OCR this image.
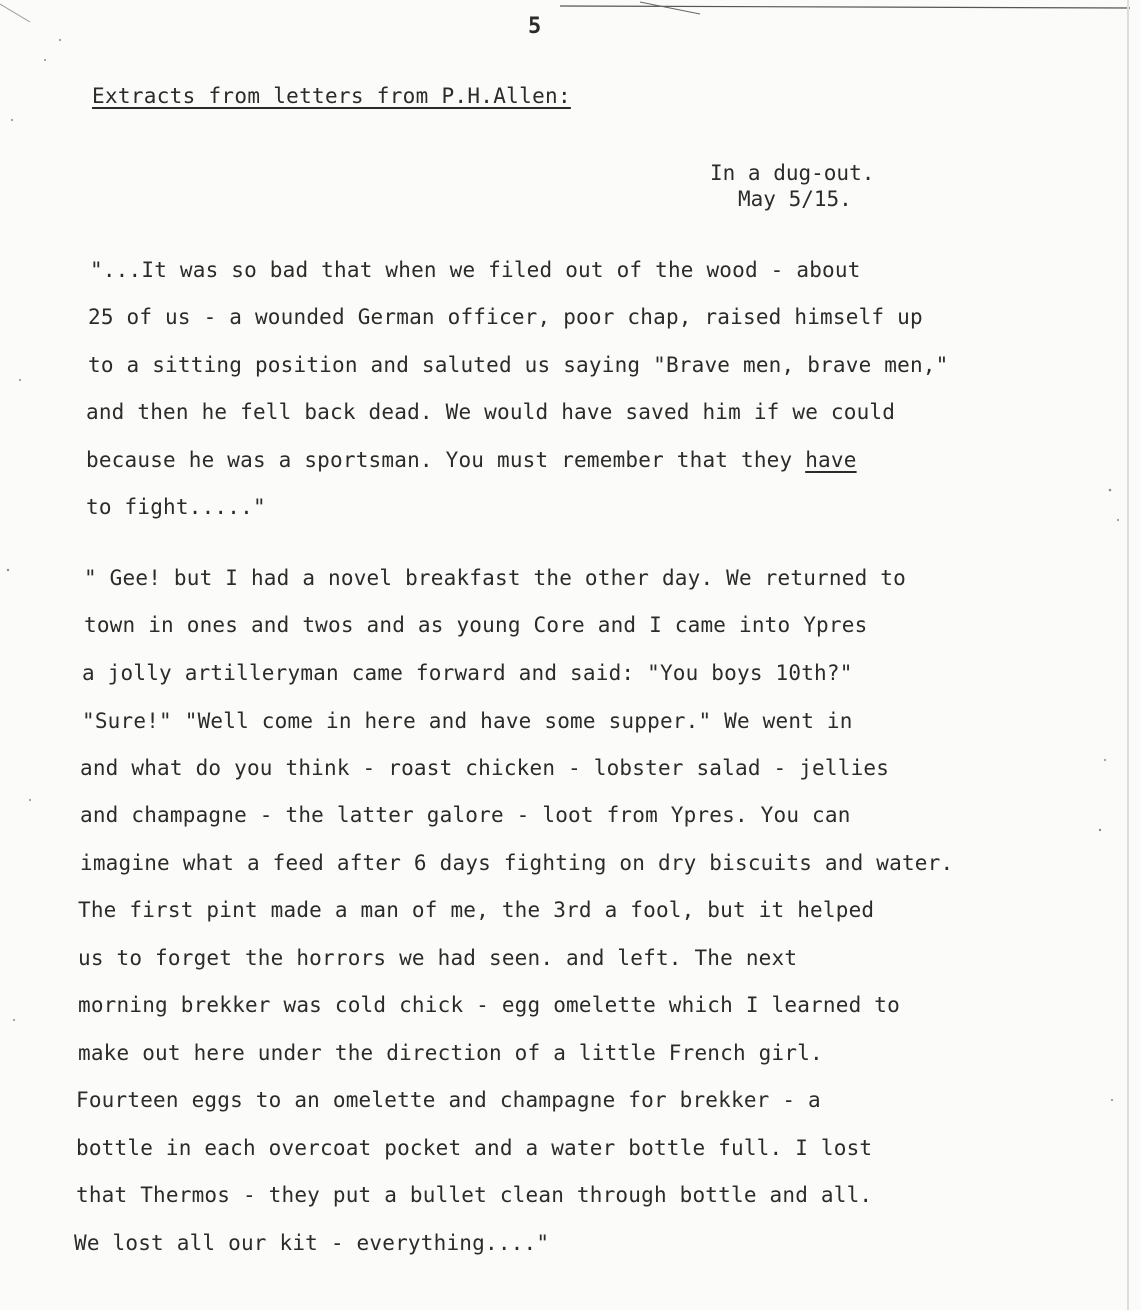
5
Extracts from letters from P.H.Allen:
In a dug-out.
May 5/15.
"...It was so bad that when we filed out of the wood - about
25 of us - a wounded German officer, poor chap, raised himself up
to a sitting position and saluted us saying "Brave men, brave men,"
and then he fell back dead. We would have saved him if we could
because he was a sportsman. You must remember that they have
to fight....."
" Gee! but I had a novel breakfast the other day. We returned to
town in ones and twos and as young Core and I came into Ypres
a jolly artilleryman came forward and said: "You boys 10th?"
"Sure!" "Well come in here and have some supper." We went in
and what do you think - roast chicken - lobster salad - jellies
and champagne - the latter galore - loot from Ypres. You can
imagine what a feed after 6 days fighting on dry biscuits and water.
The first pint made a man of me, the 3rd a fool, but it helped
us to forget the horrors we had seen. and left. The next
morning brekker was cold chick - egg omelette which I learned to
make out here under the direction of a little French girl.
Fourteen eggs to an omelette and champagne for brekker - a
bottle in each overcoat pocket and a water bottle full. I lost
that Thermos - they put a bullet clean through bottle and all.
We lost all our kit - everything...."
